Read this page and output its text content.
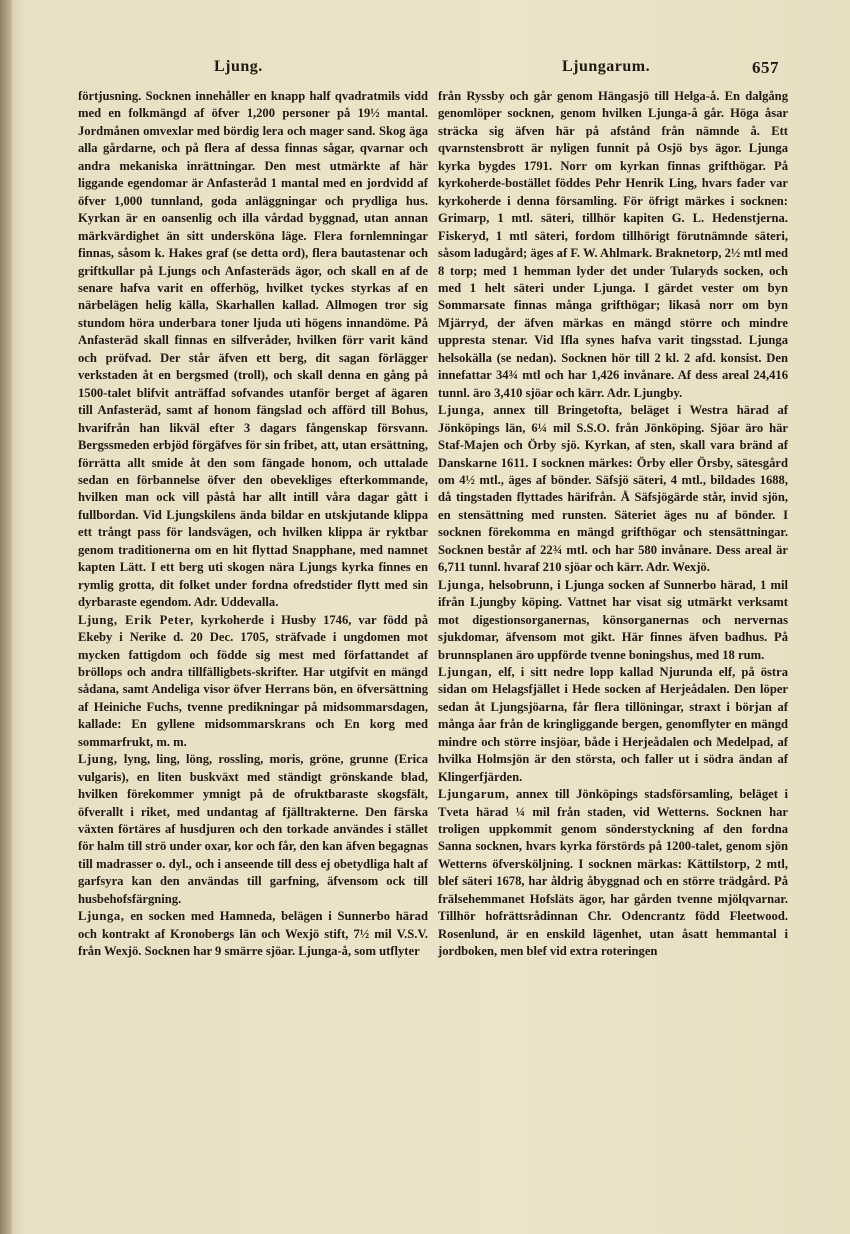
Ljung.	Ljungarum.	657

förtjusning. Socknen innehåller en knapp half qvadratmils vidd med en folkmängd af öfver 1,200 personer på 19½ mantal. Jordmånen omvexlar med bördig lera och mager sand. Skog äga alla gårdarne, och på flera af dessa finnas sågar, qvarnar och andra mekaniska inrättningar. Den mest utmärkte af här liggande egendomar är Anfasteråd 1 mantal med en jordvidd af öfver 1,000 tunnland, goda anläggningar och prydliga hus. Kyrkan är en oansenlig och illa vårdad byggnad, utan annan märkvärdighet än sitt undersköna läge. Flera fornlemningar finnas, såsom k. Hakes graf (se detta ord), flera bautastenar och griftkullar på Ljungs och Anfasteräds ägor, och skall en af de senare hafva varit en offerhög, hvilket tyckes styrkas af en närbelägen helig källa, Skarhallen kallad. Allmogen tror sig stundom höra underbara toner ljuda uti högens innandöme. På Anfasteräd skall finnas en silfveråder, hvilken förr varit känd och pröfvad. Der står äfven ett berg, dit sagan förlägger verkstaden åt en bergsmed (troll), och skall denna en gång på 1500-talet blifvit anträffad sofvandes utanför berget af ägaren till Anfasteräd, samt af honom fängslad och afförd till Bohus, hvarifrån han likväl efter 3 dagars fångenskap försvann. Bergssmeden erbjöd förgäfves för sin fribet, att, utan ersättning, förrätta allt smide åt den som fängade honom, och uttalade sedan en förbannelse öfver den obevekliges efterkommande, hvilken man ock vill påstå har allt intill våra dagar gått i fullbordan. Vid Ljungskilens ända bildar en utskjutande klippa ett trångt pass för landsvägen, och hvilken klippa är ryktbar genom traditionerna om en hit flyttad Snapphane, med namnet kapten Lätt. I ett berg uti skogen nära Ljungs kyrka finnes en rymlig grotta, dit folket under fordna ofredstider flytt med sin dyrbaraste egendom. Adr. Uddevalla.

Ljung, Erik Peter, kyrkoherde i Husby 1746, var född på Ekeby i Nerike d. 20 Dec. 1705, sträfvade i ungdomen mot mycken fattigdom och födde sig mest med författandet af bröllops och andra tillfälligbets-skrifter. Har utgifvit en mängd sådana, samt Andeliga visor öfver Herrans bön, en öfversättning af Heiniche Fuchs, tvenne predikningar på midsommarsdagen, kallade: En gyllene midsommarskrans och En korg med sommarfrukt, m. m.

Ljung, lyng, ling, löng, rossling, moris, gröne, grunne (Erica vulgaris), en liten buskväxt med ständigt grönskande blad, hvilken förekommer ymnigt på de ofruktbaraste skogsfält, öfverallt i riket, med undantag af fjälltrakterne. Den färska växten förtäres af husdjuren och den torkade användes i stället för halm till strö under oxar, kor och får, den kan äfven begagnas till madrasser o. dyl., och i anseende till dess ej obetydliga halt af garfsyra kan den användas till garfning, äfvensom ock till husbehofsfärgning.

Ljunga, en socken med Hamneda, belägen i Sunnerbo härad och kontrakt af Kronobergs län och Wexjö stift, 7½ mil V.S.V. från Wexjö. Socknen har 9 smärre sjöar. Ljunga-å, som utflyter

från Ryssby och går genom Hängasjö till Helga-å. En dalgång genomlöper socknen, genom hvilken Ljunga-å går. Höga åsar sträcka sig äfven här på afstånd från nämnde å. Ett qvarnstensbrott är nyligen funnit på Osjö bys ägor. Ljunga kyrka bygdes 1791. Norr om kyrkan finnas grifthögar. På kyrkoherde-bostället föddes Pehr Henrik Ling, hvars fader var kyrkoherde i denna församling. För öfrigt märkes i socknen: Grimarp, 1 mtl. säteri, tillhör kapiten G. L. Hedenstjerna. Fiskeryd, 1 mtl säteri, fordom tillhörigt förutnämnde säteri, såsom ladugård; äges af F. W. Ahlmark. Braknetorp, 2½ mtl med 8 torp; med 1 hemman lyder det under Tularyds socken, och med 1 helt säteri under Ljunga. I gärdet vester om byn Sommarsate finnas många grifthögar; likaså norr om byn Mjärryd, der äfven märkas en mängd större och mindre uppresta stenar. Vid Ifla synes hafva varit tingsstad. Ljunga helsokälla (se nedan). Socknen hör till 2 kl. 2 afd. konsist. Den innefattar 34¾ mtl och har 1,426 invånare. Af dess areal 24,416 tunnl. äro 3,410 sjöar och kärr. Adr. Ljungby.

Ljunga, annex till Bringetofta, beläget i Westra härad af Jönköpings län, 6¼ mil S.S.O. från Jönköping. Sjöar äro här Staf-Majen och Örby sjö. Kyrkan, af sten, skall vara bränd af Danskarne 1611. I socknen märkes: Örby eller Örsby, sätesgård om 4½ mtl., äges af bönder. Säfsjö säteri, 4 mtl., bildades 1688, då tingstaden flyttades härifrån. Å Säfsjögärde står, invid sjön, en stensättning med runsten. Säteriet äges nu af bönder. I socknen förekomma en mängd grifthögar och stensättningar. Socknen består af 22¾ mtl. och har 580 invånare. Dess areal är 6,711 tunnl. hvaraf 210 sjöar och kärr. Adr. Wexjö.

Ljunga, helsobrunn, i Ljunga socken af Sunnerbo härad, 1 mil ifrån Ljungby köping. Vattnet har visat sig utmärkt verksamt mot digestionsorganernas, könsorganernas och nervernas sjukdomar, äfvensom mot gikt. Här finnes äfven badhus. På brunnsplanen äro uppförde tvenne boningshus, med 18 rum.

Ljungan, elf, i sitt nedre lopp kallad Njurunda elf, på östra sidan om Helagsfjället i Hede socken af Herjeådalen. Den löper sedan åt Ljungsjöarna, får flera tillöningar, straxt i början af många åar från de kringliggande bergen, genomflyter en mängd mindre och större insjöar, både i Herjeådalen och Medelpad, af hvilka Holmsjön är den största, och faller ut i södra ändan af Klingerfjärden.

Ljungarum, annex till Jönköpings stadsförsamling, beläget i Tveta härad ¼ mil från staden, vid Wetterns. Socknen har troligen uppkommit genom sönderstyckning af den fordna Sanna socknen, hvars kyrka förstörds på 1200-talet, genom sjön Wetterns öfversköljning. I socknen märkas: Kättilstorp, 2 mtl, blef säteri 1678, har åldrig åbyggnad och en större trädgård. På frälsehemmanet Hofsläts ägor, har gården tvenne mjölqvarnar. Tillhör hofrättsrådinnan Chr. Odencrantz född Fleetwood. Rosenlund, är en enskild lägenhet, utan åsatt hemmantal i jordboken, men blef vid extra roteringen
